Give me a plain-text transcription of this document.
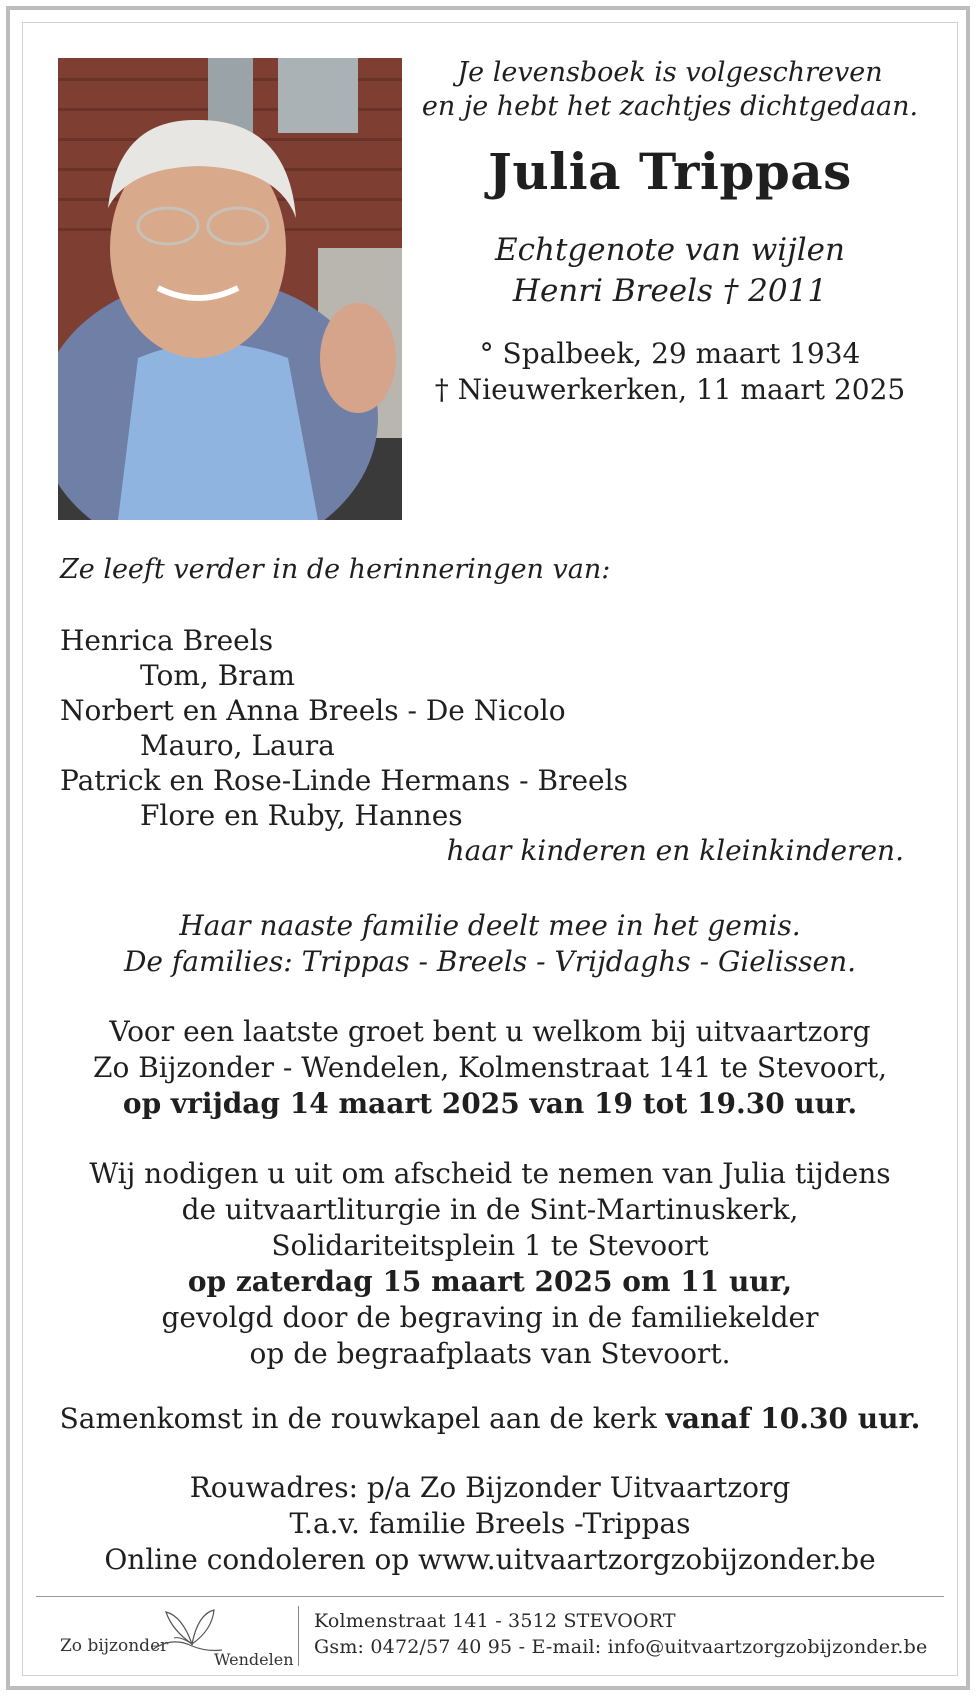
Je levensboek is volgeschreven
en je hebt het zachtjes dichtgedaan.
Julia Trippas
Echtgenote van wijlen
Henri Breels † 2011
° Spalbeek, 29 maart 1934
† Nieuwerkerken, 11 maart 2025
Ze leeft verder in de herinneringen van:
Henrica Breels
Tom, Bram
Norbert en Anna Breels - De Nicolo
Mauro, Laura
Patrick en Rose-Linde Hermans - Breels
Flore en Ruby, Hannes
haar kinderen en kleinkinderen.
Haar naaste familie deelt mee in het gemis.
De families: Trippas - Breels - Vrijdaghs - Gielissen.
Voor een laatste groet bent u welkom bij uitvaartzorg
Zo Bijzonder - Wendelen, Kolmenstraat 141 te Stevoort,
op vrijdag 14 maart 2025 van 19 tot 19.30 uur.
Wij nodigen u uit om afscheid te nemen van Julia tijdens
de uitvaartliturgie in de Sint-Martinuskerk,
Solidariteitsplein 1 te Stevoort
op zaterdag 15 maart 2025 om 11 uur,
gevolgd door de begraving in de familiekelder
op de begraafplaats van Stevoort.
Samenkomst in de rouwkapel aan de kerk vanaf 10.30 uur.
Rouwadres: p/a Zo Bijzonder Uitvaartzorg
T.a.v. familie Breels -Trippas
Online condoleren op www.uitvaartzorgzobijzonder.be
Zo bijzonder
Wendelen
Kolmenstraat 141 - 3512 STEVOORT
Gsm: 0472/57 40 95 - E-mail: info@uitvaartzorgzobijzonder.be
